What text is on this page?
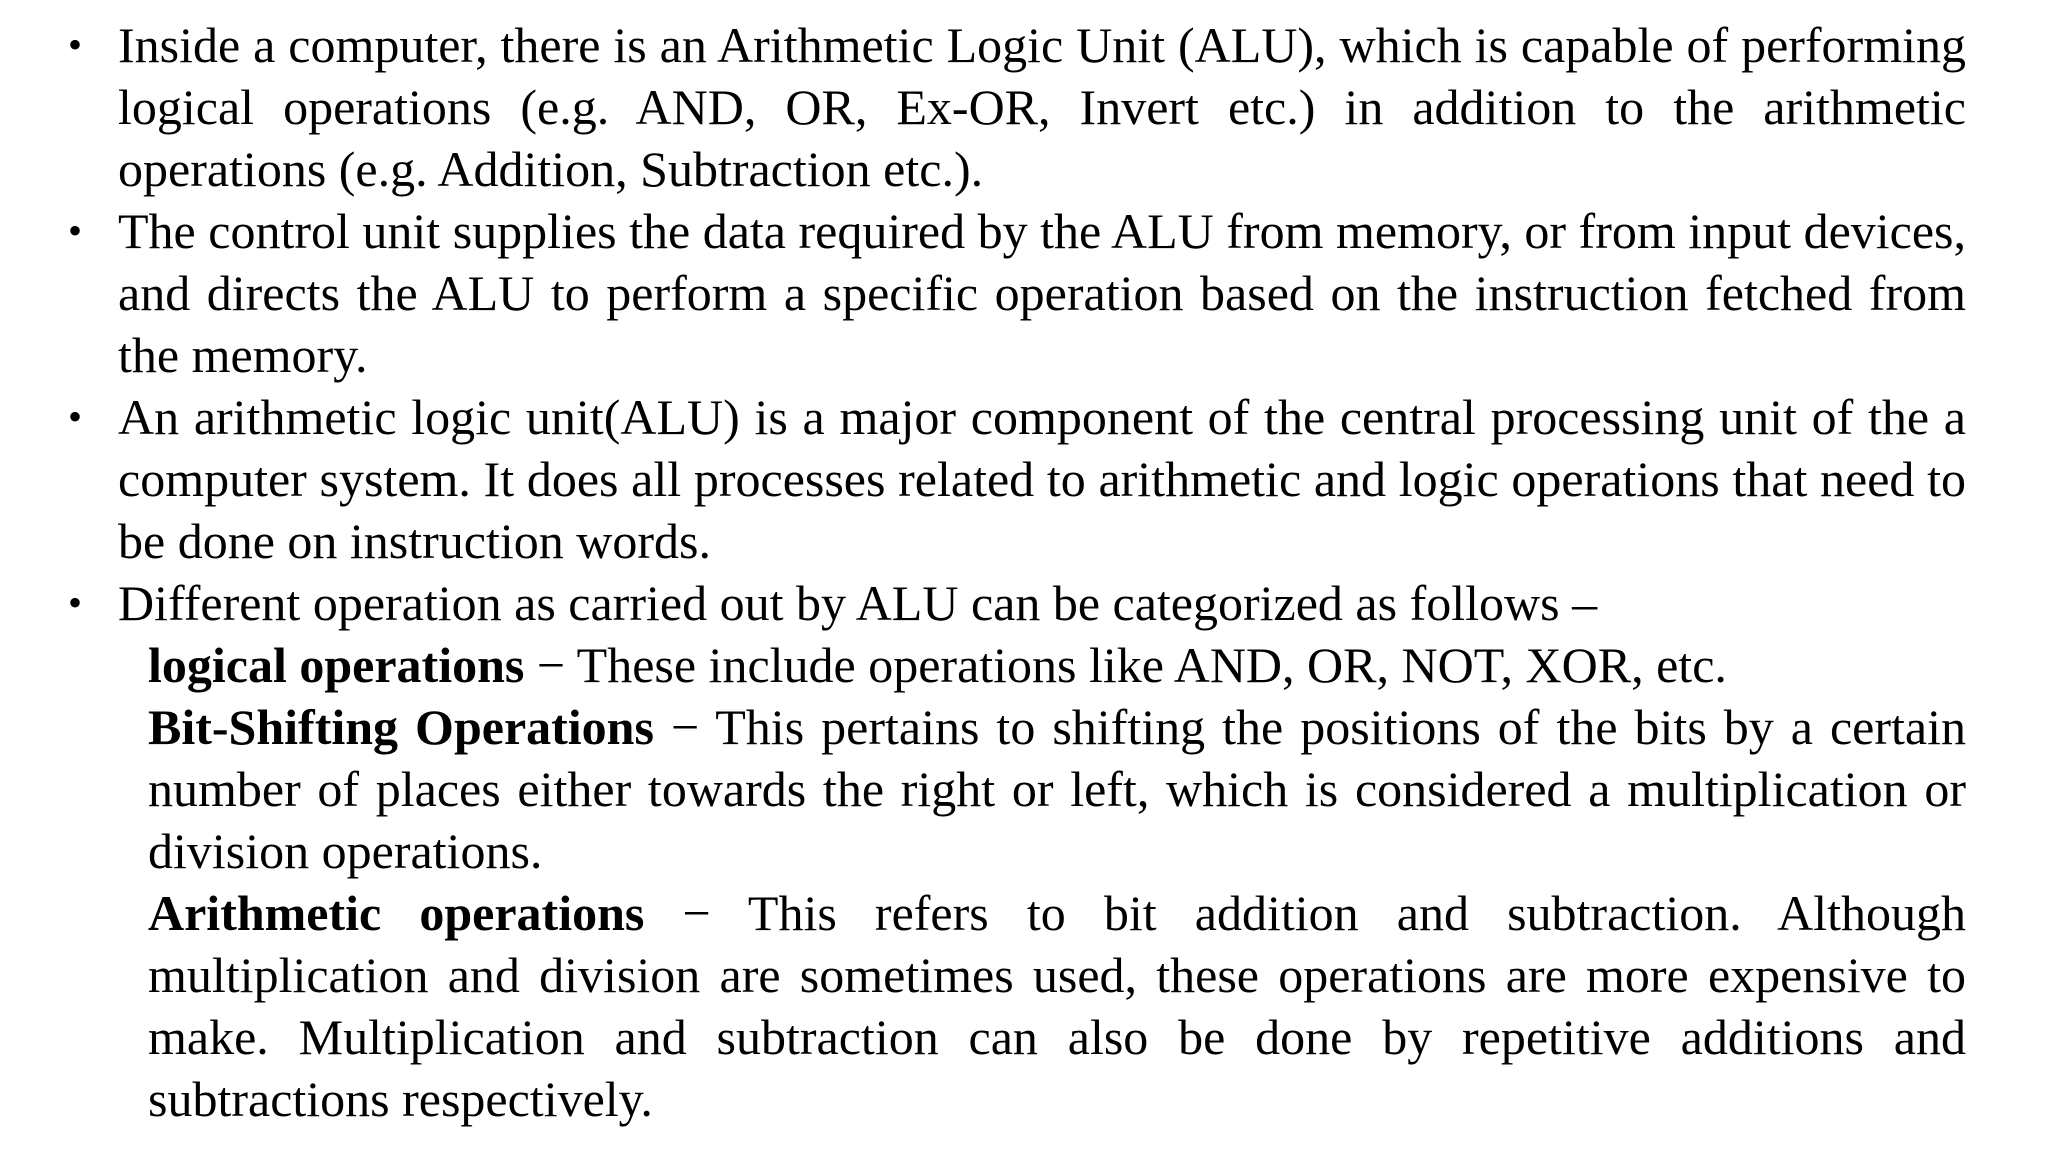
• Inside a computer, there is an Arithmetic Logic Unit (ALU), which is capable of performing logical operations (e.g. AND, OR, Ex-OR, Invert etc.) in addition to the arithmetic operations (e.g. Addition, Subtraction etc.).
• The control unit supplies the data required by the ALU from memory, or from input devices, and directs the ALU to perform a specific operation based on the instruction fetched from the memory.
• An arithmetic logic unit(ALU) is a major component of the central processing unit of the a computer system. It does all processes related to arithmetic and logic operations that need to be done on instruction words.
• Different operation as carried out by ALU can be categorized as follows –
logical operations − These include operations like AND, OR, NOT, XOR, etc.
Bit-Shifting Operations − This pertains to shifting the positions of the bits by a certain number of places either towards the right or left, which is considered a multiplication or division operations.
Arithmetic operations − This refers to bit addition and subtraction. Although multiplication and division are sometimes used, these operations are more expensive to make. Multiplication and subtraction can also be done by repetitive additions and subtractions respectively.
